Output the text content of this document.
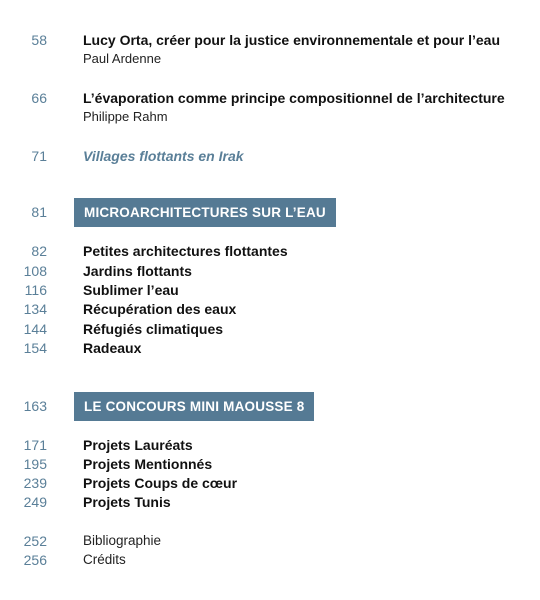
58	Lucy Orta, créer pour la justice environnementale et pour l’eau
Paul Ardenne
66	L’évaporation comme principe compositionnel de l’architecture
Philippe Rahm
71	Villages flottants en Irak
81	MICROARCHITECTURES SUR L’EAU
82	Petites architectures flottantes
108	Jardins flottants
116	Sublimer l’eau
134	Récupération des eaux
144	Réfugiés climatiques
154	Radeaux
163	LE CONCOURS MINI MAOUSSE 8
171	Projets Lauréats
195	Projets Mentionnés
239	Projets Coups de cœur
249	Projets Tunis
252	Bibliographie
256	Crédits
